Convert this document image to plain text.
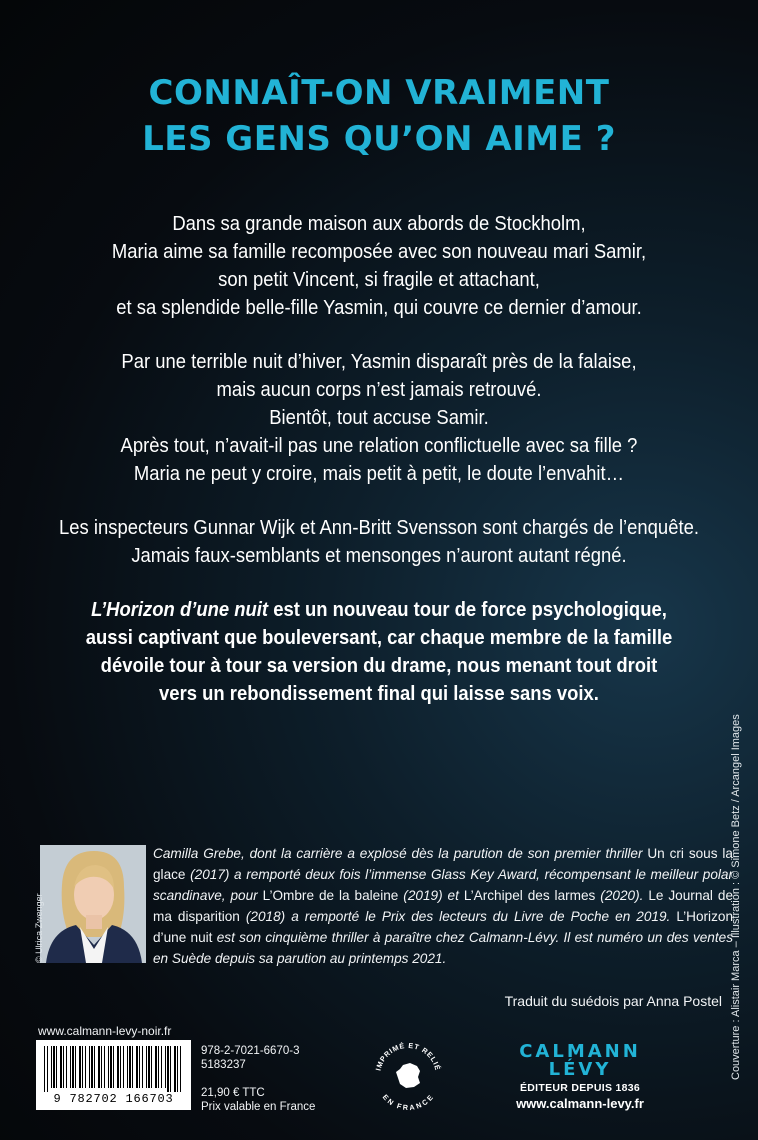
CONNAÎT-ON VRAIMENT
LES GENS QU’ON AIME ?
Dans sa grande maison aux abords de Stockholm,
Maria aime sa famille recomposée avec son nouveau mari Samir,
son petit Vincent, si fragile et attachant,
et sa splendide belle-fille Yasmin, qui couvre ce dernier d’amour.
Par une terrible nuit d’hiver, Yasmin disparaît près de la falaise,
mais aucun corps n’est jamais retrouvé.
Bientôt, tout accuse Samir.
Après tout, n’avait-il pas une relation conflictuelle avec sa fille ?
Maria ne peut y croire, mais petit à petit, le doute l’envahit…
Les inspecteurs Gunnar Wijk et Ann-Britt Svensson sont chargés de l’enquête.
Jamais faux-semblants et mensonges n’auront autant régné.
L’Horizon d’une nuit est un nouveau tour de force psychologique,
aussi captivant que bouleversant, car chaque membre de la famille
dévoile tour à tour sa version du drame, nous menant tout droit
vers un rebondissement final qui laisse sans voix.
Couverture : Alistair Marca – Illustration : © Simone Betz / Arcangel Images
© Ulrica Zwenger
Camilla Grebe, dont la carrière a explosé dès la parution de son premier thriller Un cri sous la glace (2017) a remporté deux fois l’immense Glass Key Award, récompensant le meilleur polar scandinave, pour L’Ombre de la baleine (2019) et L’Archipel des larmes (2020). Le Journal de ma disparition (2018) a remporté le Prix des lecteurs du Livre de Poche en 2019. L’Horizon d’une nuit est son cinquième thriller à paraître chez Calmann-Lévy. Il est numéro un des ventes en Suède depuis sa parution au printemps 2021.
Traduit du suédois par Anna Postel
www.calmann-levy-noir.fr
9 782702 166703
978-2-7021-6670-3
5183237
21,90 € TTC
Prix valable en France
IMPRIMÉ ET RELIÉ
EN FRANCE
CALMANN
LÉVY
ÉDITEUR DEPUIS 1836
www.calmann-levy.fr
